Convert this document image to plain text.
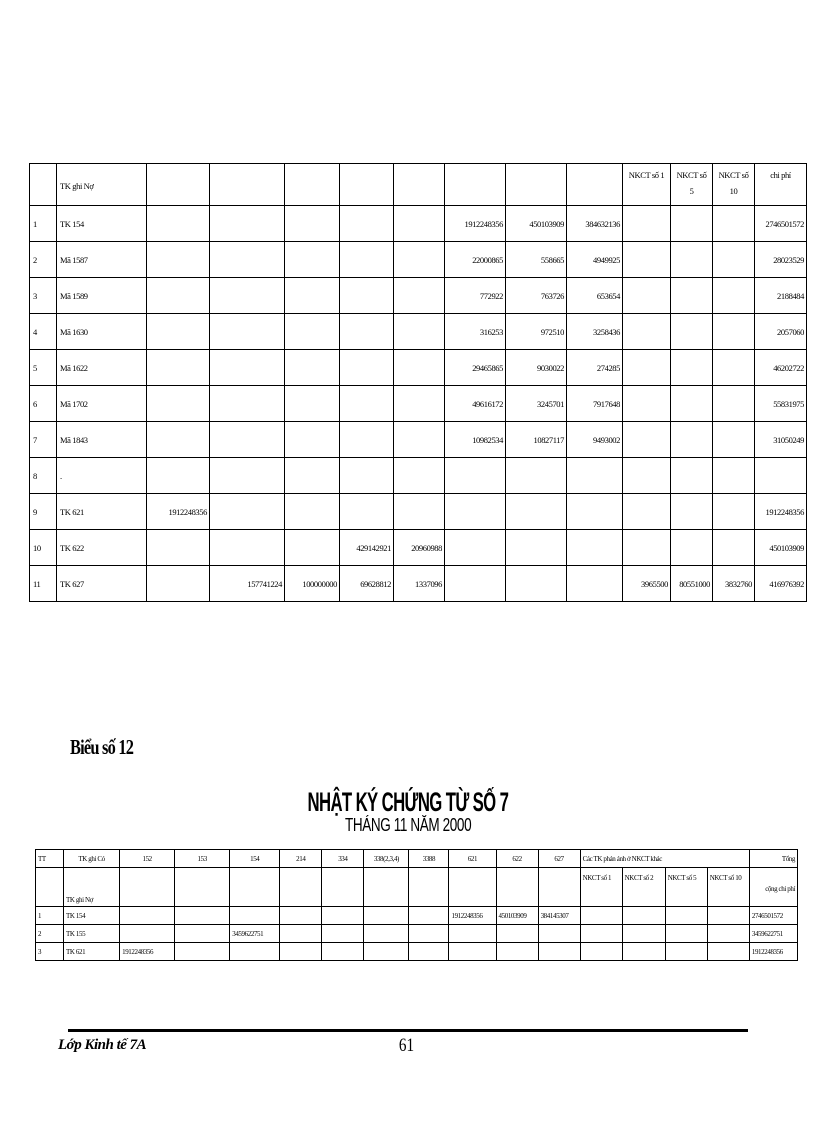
	TK ghi Nợ									NKCT số 1	NKCT số 5	NKCT số 10	chi phí
1	TK 154						1912248356	450103909	384632136				2746501572
2	Mã 1587						22000865	558665	4949925				28023529
3	Mã 1589						772922	763726	653654				2188484
4	Mã 1630						316253	972510	3258436				2057060
5	Mã 1622						29465865	9030022	274285				46202722
6	Mã 1702						49616172	3245701	7917648				55831975
7	Mã 1843						10982534	10827117	9493002				31050249
8	.												
9	TK 621	1912248356											1912248356
10	TK 622				429142921	20960988							450103909
11	TK 627		157741224	100000000	69628812	1337096				3965500	80551000	3832760	416976392
Biểu số 12
NHẬT KÝ CHỨNG TỪ SỐ 7
THÁNG 11 NĂM 2000
TT	TK ghi Có	152	153	154	214	334	338(2,3,4)	3388	621	622	627	Các TK phản ánh ở NKCT khác				Tổng
	TK ghi Nợ											NKCT số 1	NKCT số 2	NKCT số 5	NKCT số 10	cộng chi phí
1	TK 154								1912248356	450103909	384145307					2746501572
2	TK 155			3459622751												3459622751
3	TK 621	1912248356														1912248356
Lớp Kinh tế 7A	61
